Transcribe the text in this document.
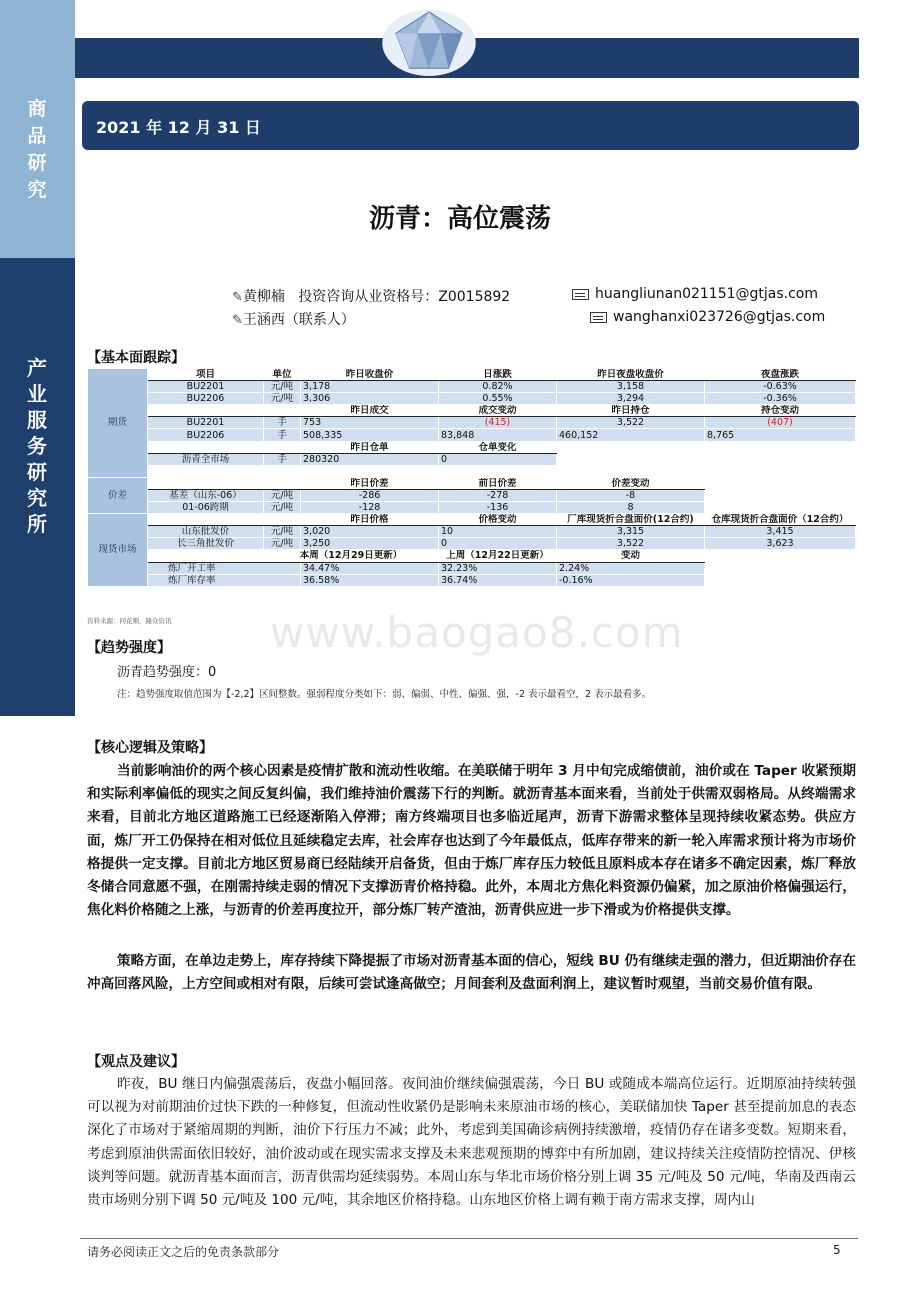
商
品
研
究
产
业
服
务
研
究
所
2021 年 12 月 31 日
沥青：高位震荡
✎黄柳楠 投资咨询从业资格号：Z0015892	huangliunan021151@gtjas.com
✎王涵西（联系人）	wanghanxi023726@gtjas.com
【基本面跟踪】
期货	项目	单位	昨日收盘价	日涨跌	昨日夜盘收盘价	夜盘涨跌
	BU2201	元/吨	3,178	0.82%	3,158	-0.63%
	BU2206	元/吨	3,306	0.55%	3,294	-0.36%
			昨日成交	成交变动	昨日持仓	持仓变动
	BU2201	手	753	(415)	3,522	(407)
	BU2206	手	508,335	83,848	460,152	8,765
			昨日仓单	仓单变化		
	沥青全市场	手	280320	0		

价差			昨日价差	前日价差	价差变动	
	基差（山东-06）	元/吨	-286	-278	-8	
	01-06跨期	元/吨	-128	-136	8	
现货市场			昨日价格	价格变动	厂库现货折合盘面价(12合约)	仓库现货折合盘面价（12合约）
	山东批发价	元/吨	3,020	10	3,315	3,415
	长三角批发价	元/吨	3,250	0	3,522	3,623
		本周（12月29日更新）		上周（12月22日更新）	变动	
	炼厂开工率		34.47%	32.23%	2.24%	
	炼厂库存率		36.58%	36.74%	-0.16%	
资料来源：同花顺，隆众资讯 www.baogao8.com
【趋势强度】
沥青趋势强度：0
注：趋势强度取值范围为【-2,2】区间整数。强弱程度分类如下：弱、偏弱、中性、偏强、强，-2 表示最看空，2 表示最看多。
【核心逻辑及策略】
当前影响油价的两个核心因素是疫情扩散和流动性收缩。在美联储于明年 3 月中旬完成缩债前，油价或在 Taper 收紧预期和实际利率偏低的现实之间反复纠偏，我们维持油价震荡下行的判断。就沥青基本面来看，当前处于供需双弱格局。从终端需求来看，目前北方地区道路施工已经逐渐陷入停滞；南方终端项目也多临近尾声，沥青下游需求整体呈现持续收紧态势。供应方面，炼厂开工仍保持在相对低位且延续稳定去库，社会库存也达到了今年最低点，低库存带来的新一轮入库需求预计将为市场价格提供一定支撑。目前北方地区贸易商已经陆续开启备货，但由于炼厂库存压力较低且原料成本存在诸多不确定因素，炼厂释放冬储合同意愿不强，在刚需持续走弱的情况下支撑沥青价格持稳。此外，本周北方焦化料资源仍偏紧，加之原油价格偏强运行，焦化料价格随之上涨，与沥青的价差再度拉开，部分炼厂转产渣油，沥青供应进一步下滑或为价格提供支撑。
策略方面，在单边走势上，库存持续下降提振了市场对沥青基本面的信心，短线 BU 仍有继续走强的潜力，但近期油价存在冲高回落风险，上方空间或相对有限，后续可尝试逢高做空；月间套利及盘面利润上，建议暂时观望，当前交易价值有限。
【观点及建议】
昨夜，BU 继日内偏强震荡后，夜盘小幅回落。夜间油价继续偏强震荡，今日 BU 或随成本端高位运行。近期原油持续转强可以视为对前期油价过快下跌的一种修复，但流动性收紧仍是影响未来原油市场的核心，美联储加快 Taper 甚至提前加息的表态深化了市场对于紧缩周期的判断，油价下行压力不减；此外，考虑到美国确诊病例持续激增，疫情仍存在诸多变数。短期来看，考虑到原油供需面依旧较好，油价波动或在现实需求支撑及未来悲观预期的博弈中有所加剧，建议持续关注疫情防控情况、伊核谈判等问题。就沥青基本面而言，沥青供需均延续弱势。本周山东与华北市场价格分别上调 35 元/吨及 50 元/吨，华南及西南云贵市场则分别下调 50 元/吨及 100 元/吨，其余地区价格持稳。山东地区价格上调有赖于南方需求支撑，周内山
请务必阅读正文之后的免责条款部分	5
